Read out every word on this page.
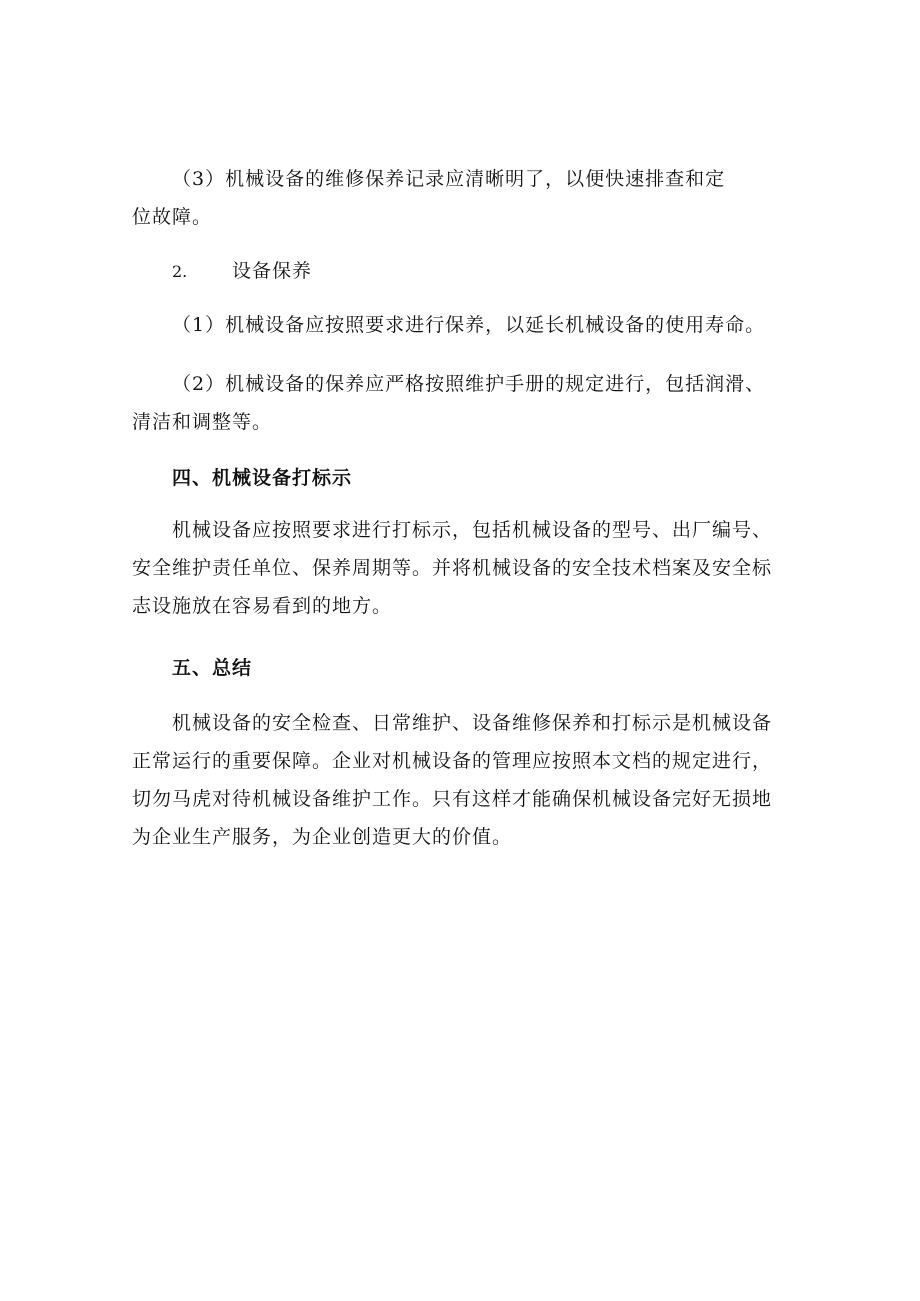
（3）机械设备的维修保养记录应清晰明了，以便快速排查和定
位故障。

2. 设备保养

（1）机械设备应按照要求进行保养，以延长机械设备的使用寿命。

（2）机械设备的保养应严格按照维护手册的规定进行，包括润滑、
清洁和调整等。

四、机械设备打标示

机械设备应按照要求进行打标示，包括机械设备的型号、出厂编号、
安全维护责任单位、保养周期等。并将机械设备的安全技术档案及安全标
志设施放在容易看到的地方。

五、总结

机械设备的安全检查、日常维护、设备维修保养和打标示是机械设备
正常运行的重要保障。企业对机械设备的管理应按照本文档的规定进行，
切勿马虎对待机械设备维护工作。只有这样才能确保机械设备完好无损地
为企业生产服务，为企业创造更大的价值。
